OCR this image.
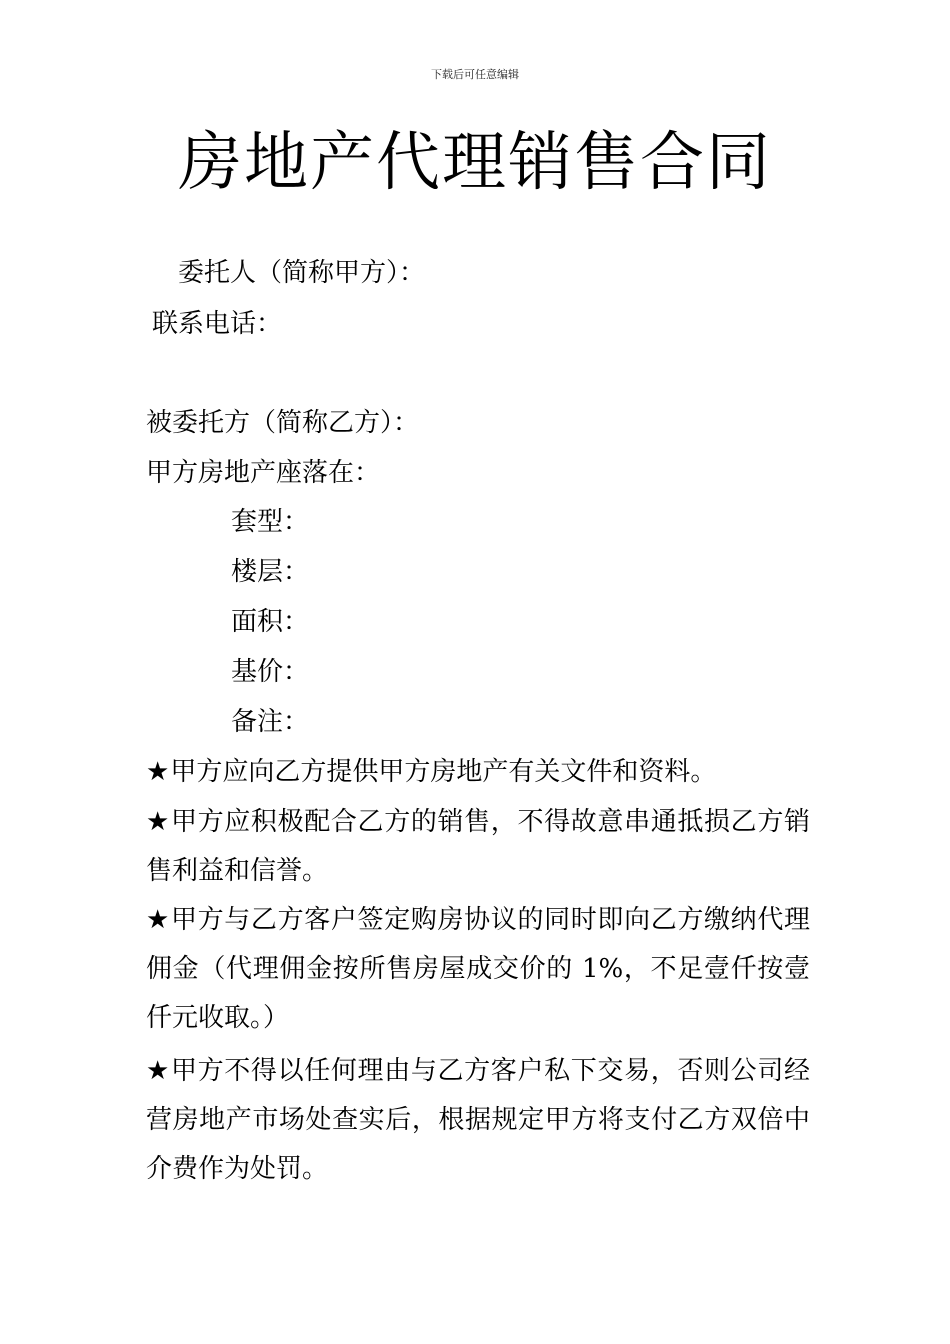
下载后可任意编辑
房地产代理销售合同
委托人（简称甲方）：
联系电话：
被委托方（简称乙方）：
甲方房地产座落在：
套型：
楼层：
面积：
基价：
备注：
★甲方应向乙方提供甲方房地产有关文件和资料。
★甲方应积极配合乙方的销售，不得故意串通抵损乙方销售利益和信誉。
★甲方与乙方客户签定购房协议的同时即向乙方缴纳代理佣金（代理佣金按所售房屋成交价的 1%，不足壹仟按壹仟元收取。）
★甲方不得以任何理由与乙方客户私下交易，否则公司经营房地产市场处查实后，根据规定甲方将支付乙方双倍中介费作为处罚。
